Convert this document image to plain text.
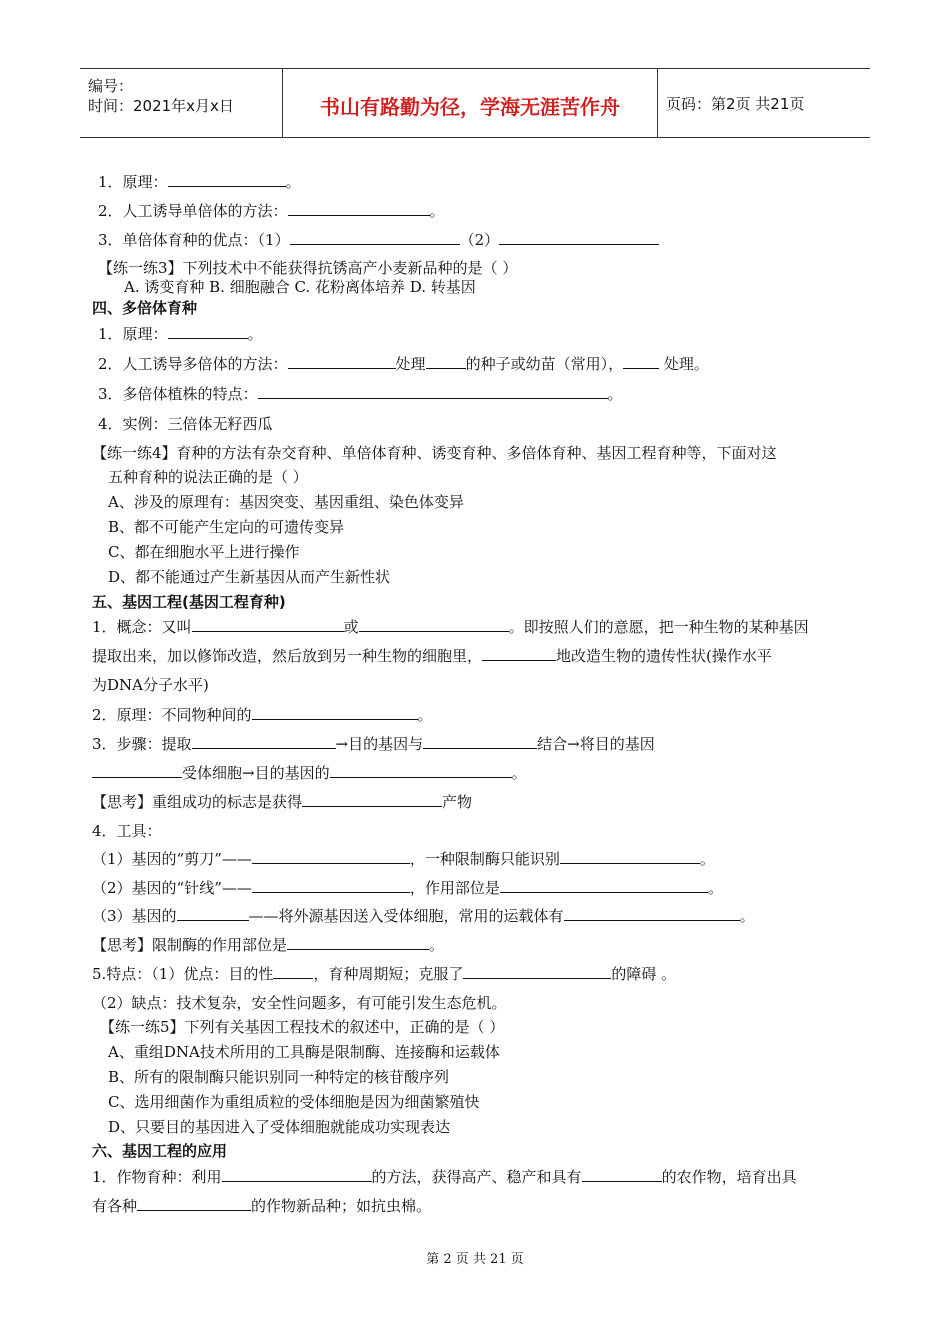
编号：
时间：2021年x月x日	书山有路勤为径，学海无涯苦作舟	页码：第2页 共21页
1．原理：	。
2．人工诱导单倍体的方法：	。
3．单倍体育种的优点：（1）	（2）
【练一练3】下列技术中不能获得抗锈高产小麦新品种的是（ ）
A. 诱变育种 B. 细胞融合 C. 花粉离体培养 D. 转基因
四、多倍体育种
1．原理：	。
2．人工诱导多倍体的方法：	处理	的种子或幼苗（常用）， 处理。
3．多倍体植株的特点：	。
4．实例：三倍体无籽西瓜
【练一练4】育种的方法有杂交育种、单倍体育种、诱变育种、多倍体育种、基因工程育种等，下面对这
五种育种的说法正确的是（ ）
A、涉及的原理有：基因突变、基因重组、染色体变异
B、都不可能产生定向的可遗传变异
C、都在细胞水平上进行操作
D、都不能通过产生新基因从而产生新性状
五、基因工程(基因工程育种)
1．概念：又叫	或	。即按照人们的意愿，把一种生物的某种基因
提取出来，加以修饰改造，然后放到另一种生物的细胞里，	地改造生物的遗传性状(操作水平
为DNA分子水平)
2．原理：不同物种间的	。
3．步骤：提取	→目的基因与	结合→将目的基因
受体细胞→目的基因的	。
【思考】重组成功的标志是获得	产物
4．工具：
（1）基因的“剪刀”——	，一种限制酶只能识别	。
（2）基因的“针线”——	，作用部位是	。
（3）基因的	——将外源基因送入受体细胞，常用的运载体有	。
【思考】限制酶的作用部位是	。
5.特点：（1）优点：目的性	，育种周期短；克服了	的障碍 。
（2）缺点：技术复杂，安全性问题多，有可能引发生态危机。
【练一练5】下列有关基因工程技术的叙述中，正确的是（ ）
A、重组DNA技术所用的工具酶是限制酶、连接酶和运载体
B、所有的限制酶只能识别同一种特定的核苷酸序列
C、选用细菌作为重组质粒的受体细胞是因为细菌繁殖快
D、只要目的基因进入了受体细胞就能成功实现表达
六、基因工程的应用
1．作物育种：利用	的方法，获得高产、稳产和具有	的农作物，培育出具
有各种	的作物新品种；如抗虫棉。
第 2 页 共 21 页
